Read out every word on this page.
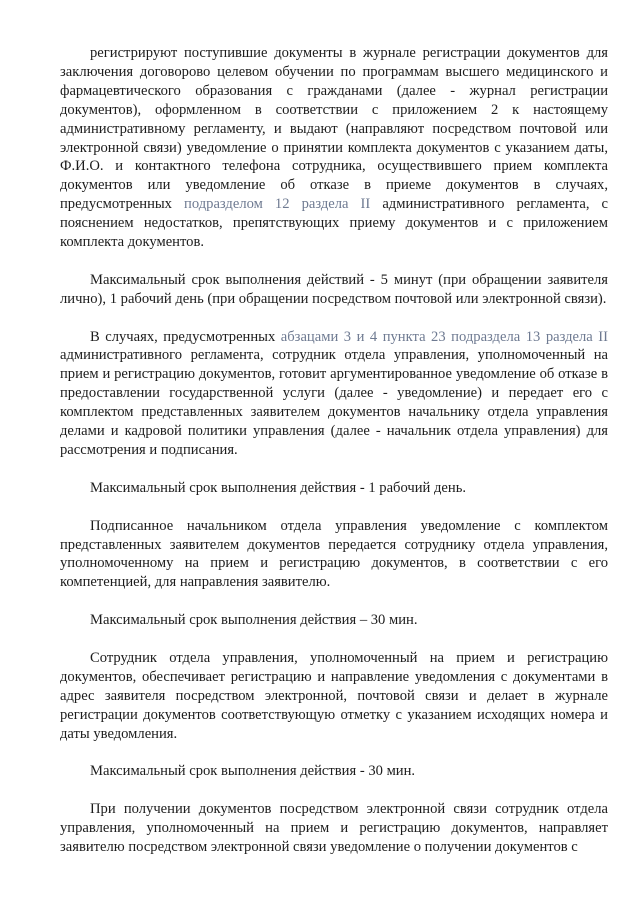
регистрируют поступившие документы в журнале регистрации документов для заключения договорово целевом обучении по программам высшего медицинского и фармацевтического образования с гражданами (далее - журнал регистрации документов), оформленном в соответствии с приложением 2 к настоящему административному регламенту, и выдают (направляют посредством почтовой или электронной связи) уведомление о принятии комплекта документов с указанием даты, Ф.И.О. и контактного телефона сотрудника, осуществившего прием комплекта документов или уведомление об отказе в приеме документов в случаях, предусмотренных подразделом 12 раздела II административного регламента, с пояснением недостатков, препятствующих приему документов и с приложением комплекта документов.

Максимальный срок выполнения действий - 5 минут (при обращении заявителя лично), 1 рабочий день (при обращении посредством почтовой или электронной связи).

В случаях, предусмотренных абзацами 3 и 4 пункта 23 подраздела 13 раздела II административного регламента, сотрудник отдела управления, уполномоченный на прием и регистрацию документов, готовит аргументированное уведомление об отказе в предоставлении государственной услуги (далее - уведомление) и передает его с комплектом представленных заявителем документов начальнику отдела управления делами и кадровой политики управления (далее - начальник отдела управления) для рассмотрения и подписания.

Максимальный срок выполнения действия - 1 рабочий день.

Подписанное начальником отдела управления уведомление с комплектом представленных заявителем документов передается сотруднику отдела управления, уполномоченному на прием и регистрацию документов, в соответствии с его компетенцией, для направления заявителю.

Максимальный срок выполнения действия – 30 мин.

Сотрудник отдела управления, уполномоченный на прием и регистрацию документов, обеспечивает регистрацию и направление уведомления с документами в адрес заявителя посредством электронной, почтовой связи и делает в журнале регистрации документов соответствующую отметку с указанием исходящих номера и даты уведомления.

Максимальный срок выполнения действия - 30 мин.

При получении документов посредством электронной связи сотрудник отдела управления, уполномоченный на прием и регистрацию документов, направляет заявителю посредством электронной связи уведомление о получении документов с
